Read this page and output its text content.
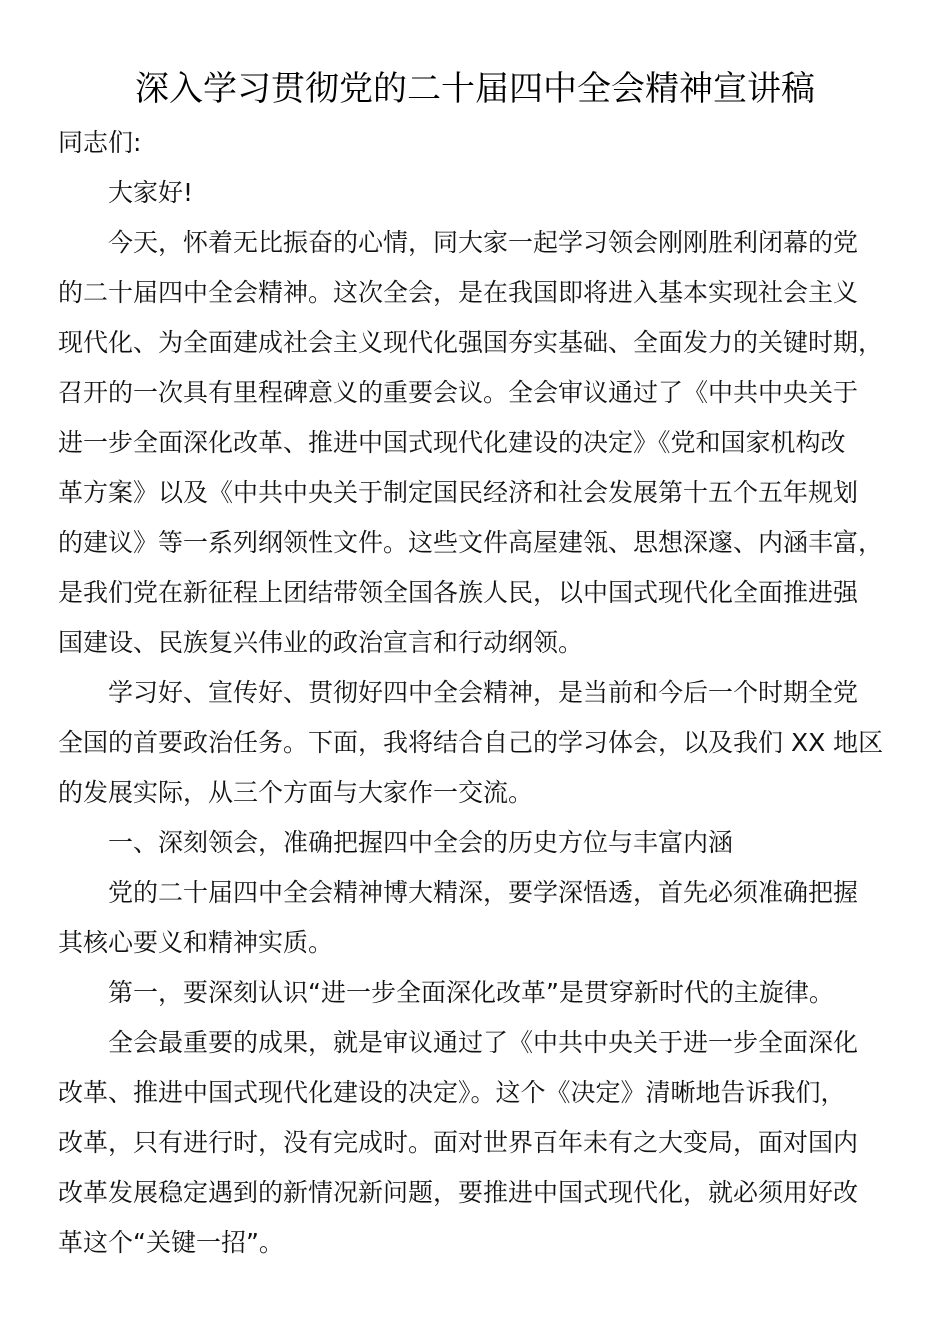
深入学习贯彻党的二十届四中全会精神宣讲稿
同志们:
大家好!
今天，怀着无比振奋的心情，同大家一起学习领会刚刚胜利闭幕的党
的二十届四中全会精神。这次全会，是在我国即将进入基本实现社会主义
现代化、为全面建成社会主义现代化强国夯实基础、全面发力的关键时期，
召开的一次具有里程碑意义的重要会议。全会审议通过了《中共中央关于
进一步全面深化改革、推进中国式现代化建设的决定》《党和国家机构改
革方案》以及《中共中央关于制定国民经济和社会发展第十五个五年规划
的建议》等一系列纲领性文件。这些文件高屋建瓴、思想深邃、内涵丰富，
是我们党在新征程上团结带领全国各族人民，以中国式现代化全面推进强
国建设、民族复兴伟业的政治宣言和行动纲领。
学习好、宣传好、贯彻好四中全会精神，是当前和今后一个时期全党
全国的首要政治任务。下面，我将结合自己的学习体会，以及我们 XX 地区
的发展实际，从三个方面与大家作一交流。
一、深刻领会，准确把握四中全会的历史方位与丰富内涵
党的二十届四中全会精神博大精深，要学深悟透，首先必须准确把握
其核心要义和精神实质。
第一，要深刻认识“进一步全面深化改革”是贯穿新时代的主旋律。
全会最重要的成果，就是审议通过了《中共中央关于进一步全面深化
改革、推进中国式现代化建设的决定》。这个《决定》清晰地告诉我们，
改革，只有进行时，没有完成时。面对世界百年未有之大变局，面对国内
改革发展稳定遇到的新情况新问题，要推进中国式现代化，就必须用好改
革这个“关键一招”。
